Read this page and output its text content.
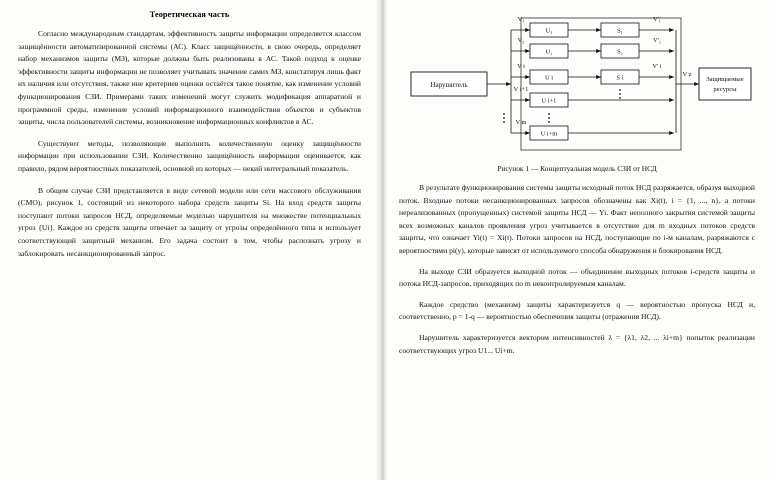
Теоретическая часть

Согласно международным стандартам, эффективность защиты информации определяется классом защищённости автоматизированной системы (АС). Класс защищённости, в свою очередь, определяет набор механизмов защиты (МЗ), которые должны быть реализованы в АС. Такой подход к оценке эффективности защиты информации не позволяет учитывать значение самих МЗ, констатируя лишь факт их наличия или отсутствия, также ине критериев оценки остаётся такое понятие, как изменение условий функционирования СЗИ. Примерами таких изменений могут служить модификация аппаратной и программной среды, изменение условий информационного взаимодействия объектов и субъектов защиты, числа пользователей системы, возникновение информационных конфликтов в АС.

Существуют методы, позволяющие выполнить количественную оценку защищённости информации при использовании СЗИ. Количественно защищённость информации оценивается, как правило, рядом вероятностных показателей, основной из которых — некий интегральный показатель.

В общем случае СЗИ представляется в виде сетевой модели или сети массового обслуживания (СМО), рисунок 1, состоящий из некоторого набора средств защиты Si. На вход средств защиты поступают потоки запросов НСД, определяемые моделью нарушителя на множестве потенциальных угроз {Ui}. Каждое из средств защиты отвечает за защиту от угрозы определённого типа и использует соответствующий защитный механизм. Его задача состоит в том, чтобы распознать угрозу и заблокировать несанкционированный запрос.

U₁
U₂
U i
U i+1
U i+m
S₁
S₂
S i
V₁
V₂
V i
V i+1
V m
V'₁
V'₂
V' i
V z
Нарушитель
Защищаемые
ресурсы
Рисунок 1 — Концептуальная модель СЗИ от НСД

В результате функционирования системы защиты исходный поток НСД разряжается, образуя выходной поток. Входные потоки несанкционированных запросов обозначены как Xi(t), i = {1, ..., n}, а потоки нереализованных (пропущенных) системой защиты НСД — Yi. Факт неполного закрытия системой защиты всех возможных каналов проявления угроз учитывается в отсутствие для m входных потоков средств защиты, что означает Yi(t) = Xi(t). Потоки запросов на НСД, поступающие по i-м каналам, разряжаются с вероятностями pi(y), которые зависят от используемого способа обнаружения и блокирования НСД.

На выходе СЗИ образуется выходной поток — объединение выходных потоков i-средств защиты и потока НСД-запросов, приходящих по m неконтролируемым каналам.

Каждое средство (механизм) защиты характеризуется q — вероятностью пропуска НСД и, соответственно, p = 1-q — вероятностью обеспечения защиты (отражения НСД).

Нарушитель характеризуется вектором интенсивностей λ = {λ1, λ2, ... λi+m} попыток реализации соответствующих угроз U1... Ui+m.
